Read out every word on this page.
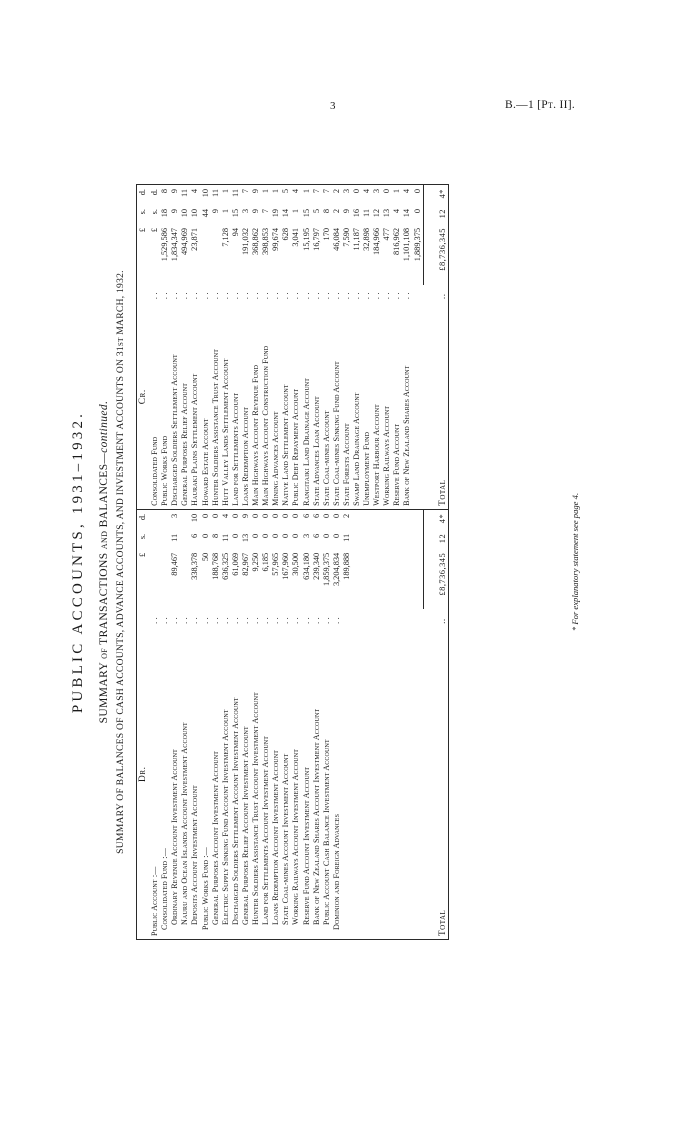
3	B.—1 [Pt. II].
PUBLIC ACCOUNTS, 1931–1932. SUMMARY of TRANSACTIONS and BALANCES—continued. SUMMARY OF BALANCES OF CASH ACCOUNTS, ADVANCE ACCOUNTS, AND INVESTMENT ACCOUNTS ON 31st MARCH, 1932. Dr.		£	s.	d.	Cr.		£	s.	d.
Public Account :—	..				Consolidated Fund	..	£	s.	d.
Consolidated Fund :—	..				Public Works Fund	..	1,529,586	18	8
Ordinary Revenue Account Investment Account	..	89,467	11	3	Discharged Soldiers Settlement Account	..	1,834,347	9	9
Nauru and Ocean Islands Account Investment Account	..				General Purposes Relief Account	..	494,969	10	11
Deposits Account Investment Account	..	338,378	6	10	Hauraki Plains Settlement Account	..	23,871	10	4
Public Works Fund :—	..	50	0	0	Howard Estate Account	..		44	10
General Purposes Account Investment Account	..	188,768	8	0	Hunter Soldiers Assistance Trust Account	..		9	11
Electric Supply Sinking Fund Account Investment Account	..	636,325	11	4	Hutt Valley Lands Settlement Account	..	7,128	1	1
Discharged Soldiers Settlement Account Investment Account	..	61,069	0	0	Land for Settlements Account	..	94	15	11
General Purposes Relief Account Investment Account	..	82,967	13	9	Loans Redemption Account	..	191,032	3	7
Hunter Soldiers Assistance Trust Account Investment Account	..	9,250	0	0	Main Highways Account Revenue Fund	..	368,862	9	9
Land for Settlements Account Investment Account	..	6,185	0	0	Main Highways Account Construction Fund	..	398,853	7	1
Loans Redemption Account Investment Account	..	57,965	0	0	Mining Advances Account	..	99,674	19	1
State Coal-mines Account Investment Account	..	167,960	0	0	Native Land Settlement Account	..	628	14	5
Working Railways Account Investment Account	..	30,500	0	0	Public Debt Repayment Account	..	3,041	1	4
Reserve Fund Account Investment Account	..	634,180	3	6	Rangitaiki Land Drainage Account	..	15,195	15	1
Bank of New Zealand Shares Account Investment Account	..	239,340	6	6	State Advances Loan Account	..	16,797	5	7
Public Account Cash Balance Investment Account	..	1,859,375	0	0	State Coal-mines Account	..	170	8	7
Dominion and Foreign Advances	..	3,204,834	0	0	State Coal-mines Sinking Fund Account	..	46,084	2	2
		189,888	11	2	State Forests Account	..	7,590	9	3
					Swamp Land Drainage Account	..	11,187	16	0
					Unemployment Fund	..	32,898	11	4
					Westport Harbour Account	..	184,966	12	3
					Working Railways Account	..	477	13	0
					Reserve Fund Account	..	816,962	4	1
					Bank of New Zealand Shares Account	..	1,101,108	14	4
							1,889,375	0	0
Total	..	£8,736,345	12	4*	Total	..	£8,736,345	12	4*
* For explanatory statement see page 4.
